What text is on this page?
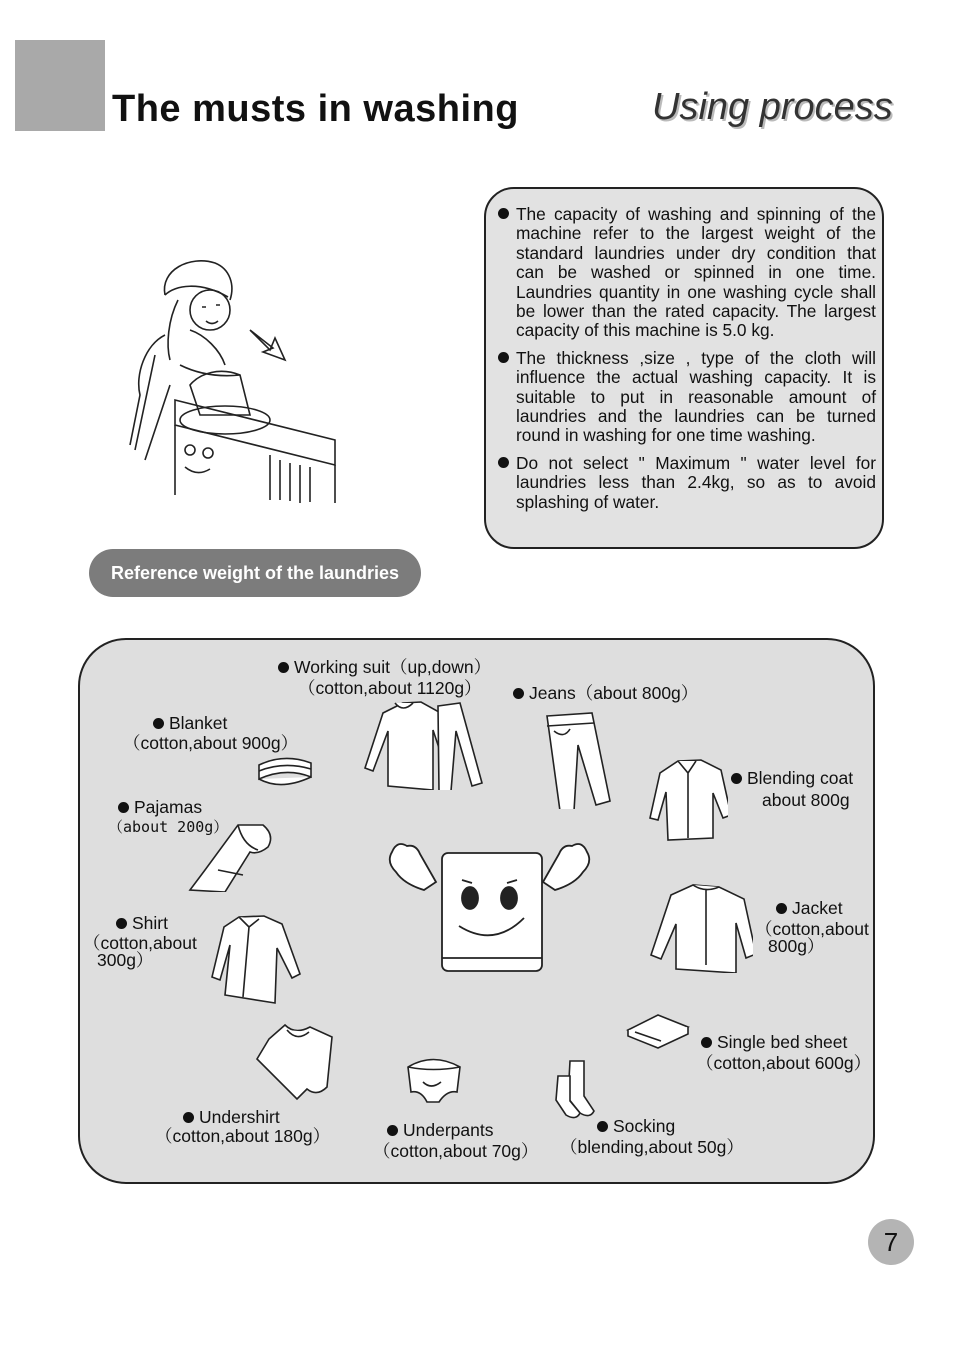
The musts in washing	Using process
The capacity of washing and spinning of the machine refer to the largest weight of the standard laundries under dry condition that can be washed or spinned in one time. Laundries quantity in one washing cycle shall be lower than the rated capacity. The largest capacity of this machine is 5.0 kg.
The thickness ,size , type of the cloth will influence the actual washing capacity. It is suitable to put in reasonable amount of laundries and the laundries can be turned round in washing for one time washing.
Do not select " Maximum " water level for laundries less than 2.4kg, so as to avoid splashing of water.
Reference weight of the laundries
Working suit（up,down）
（cotton,about 1120g）	Jeans（about 800g）
Blanket
（cotton,about 900g）
Blending coat
about 800g
Pajamas
（about 200g）
Shirt
（cotton,about
300g）
Jacket
（cotton,about
800g）
Single bed sheet
（cotton,about 600g）
Undershirt
（cotton,about 180g）	Underpants
（cotton,about 70g）
Socking
（blending,about 50g）
7
